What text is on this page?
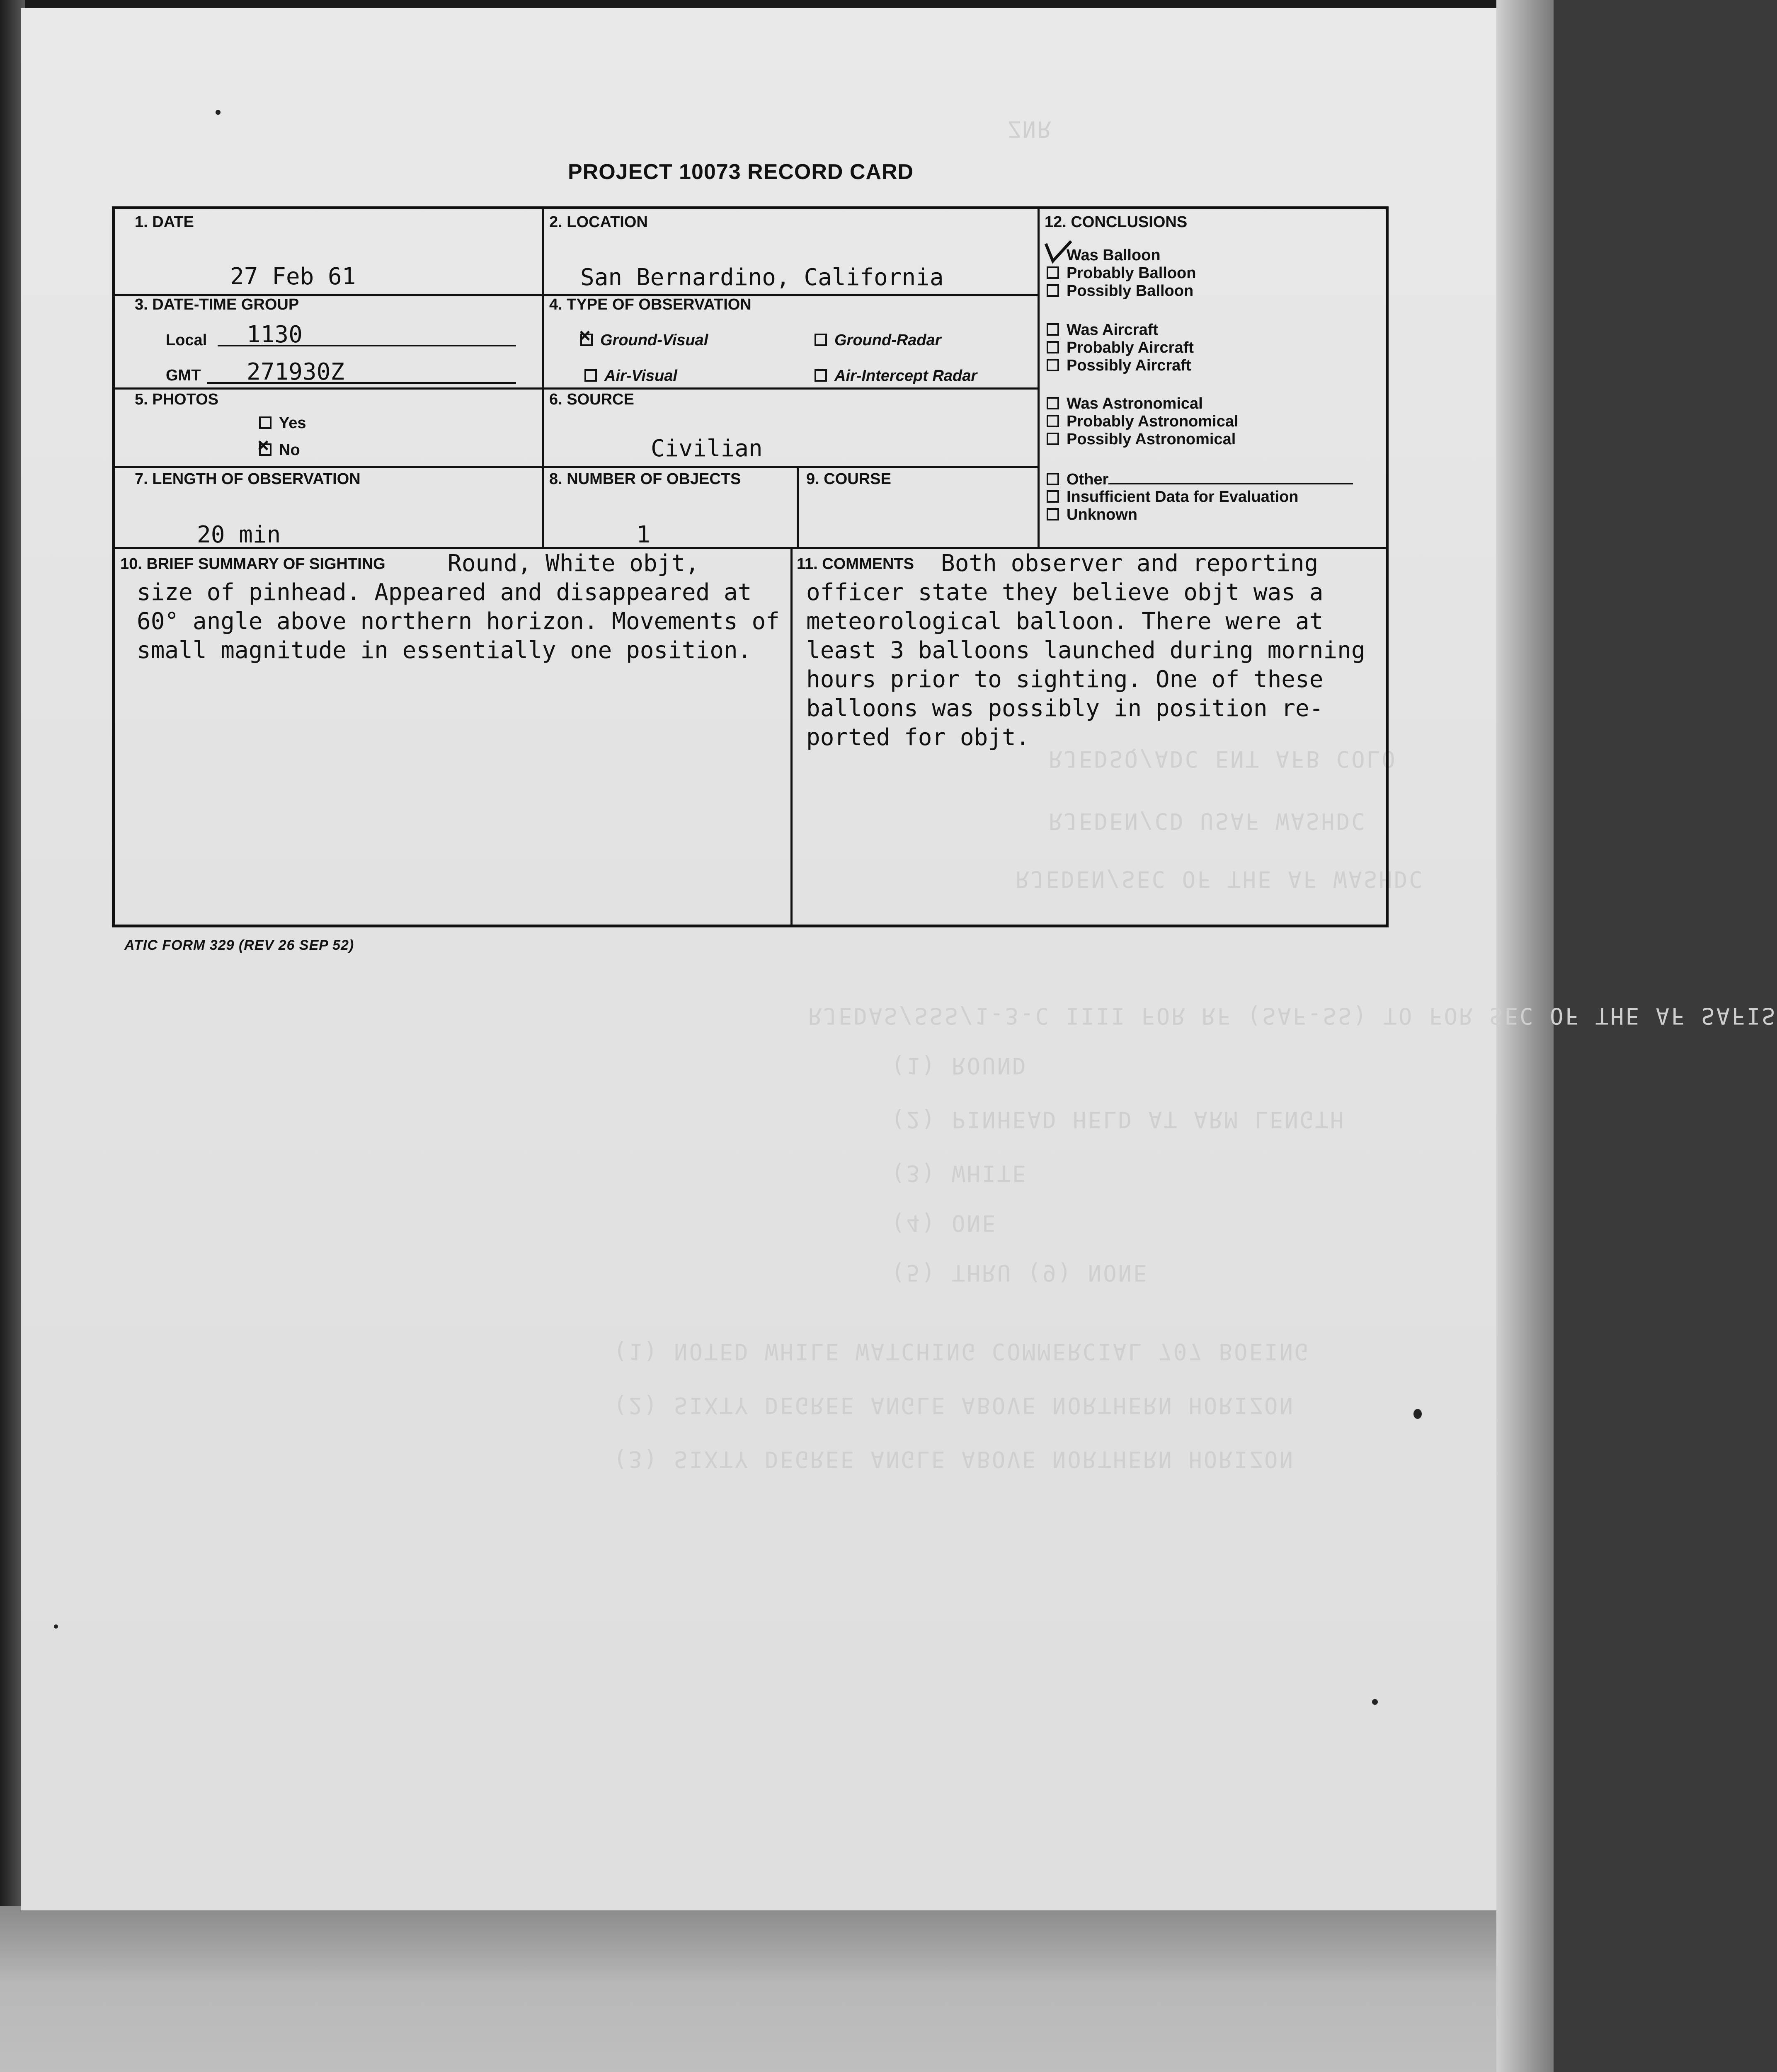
ZNR
RJEDSQ/ADC ENT AFB COLO
RJEDEN/CD USAF WASHDC
RJEDEN/SEC OF THE AF WASHDC
RJEDAS/SSS/1-3-C IIII FOR RF (SAF-SS) TO FOR SEC OF THE AF SAFIS
(1) ROUND
(2) PINHEAD HELD AT ARM LENGTH
(3) WHITE
(4) ONE
(5) THRU (9) NONE
(1) NOTED WHILE WATCHING COMMERCIAL 707 BOEING
(2) SIXTY DEGREE ANGLE ABOVE NORTHERN HORIZON
(3) SIXTY DEGREE ANGLE ABOVE NORTHERN HORIZON
PROJECT 10073 RECORD CARD
1. DATE
27 Feb 61
2. LOCATION
San Bernardino, California
3. DATE-TIME GROUP
Local 1130
GMT 271930Z
4. TYPE OF OBSERVATION
×Ground-Visual	Ground-Radar
Air-Visual	Air-Intercept Radar
5. PHOTOS
Yes
×No
6. SOURCE
Civilian
7. LENGTH OF OBSERVATION
20 min
8. NUMBER OF OBJECTS
1
9. COURSE
12. CONCLUSIONS
Was Balloon
Probably Balloon
Possibly Balloon
Was Aircraft
Probably Aircraft
Possibly Aircraft
Was Astronomical
Probably Astronomical
Possibly Astronomical
Other
Insufficient Data for Evaluation
Unknown
10. BRIEF SUMMARY OF SIGHTING	Round, White objt,
size of pinhead. Appeared and disappeared at
60° angle above northern horizon. Movements of
small magnitude in essentially one position.
11. COMMENTS Both observer and reporting
officer state they believe objt was a
meteorological balloon. There were at
least 3 balloons launched during morning
hours prior to sighting. One of these
balloons was possibly in position re-
ported for objt.
ATIC FORM 329 (REV 26 SEP 52)
